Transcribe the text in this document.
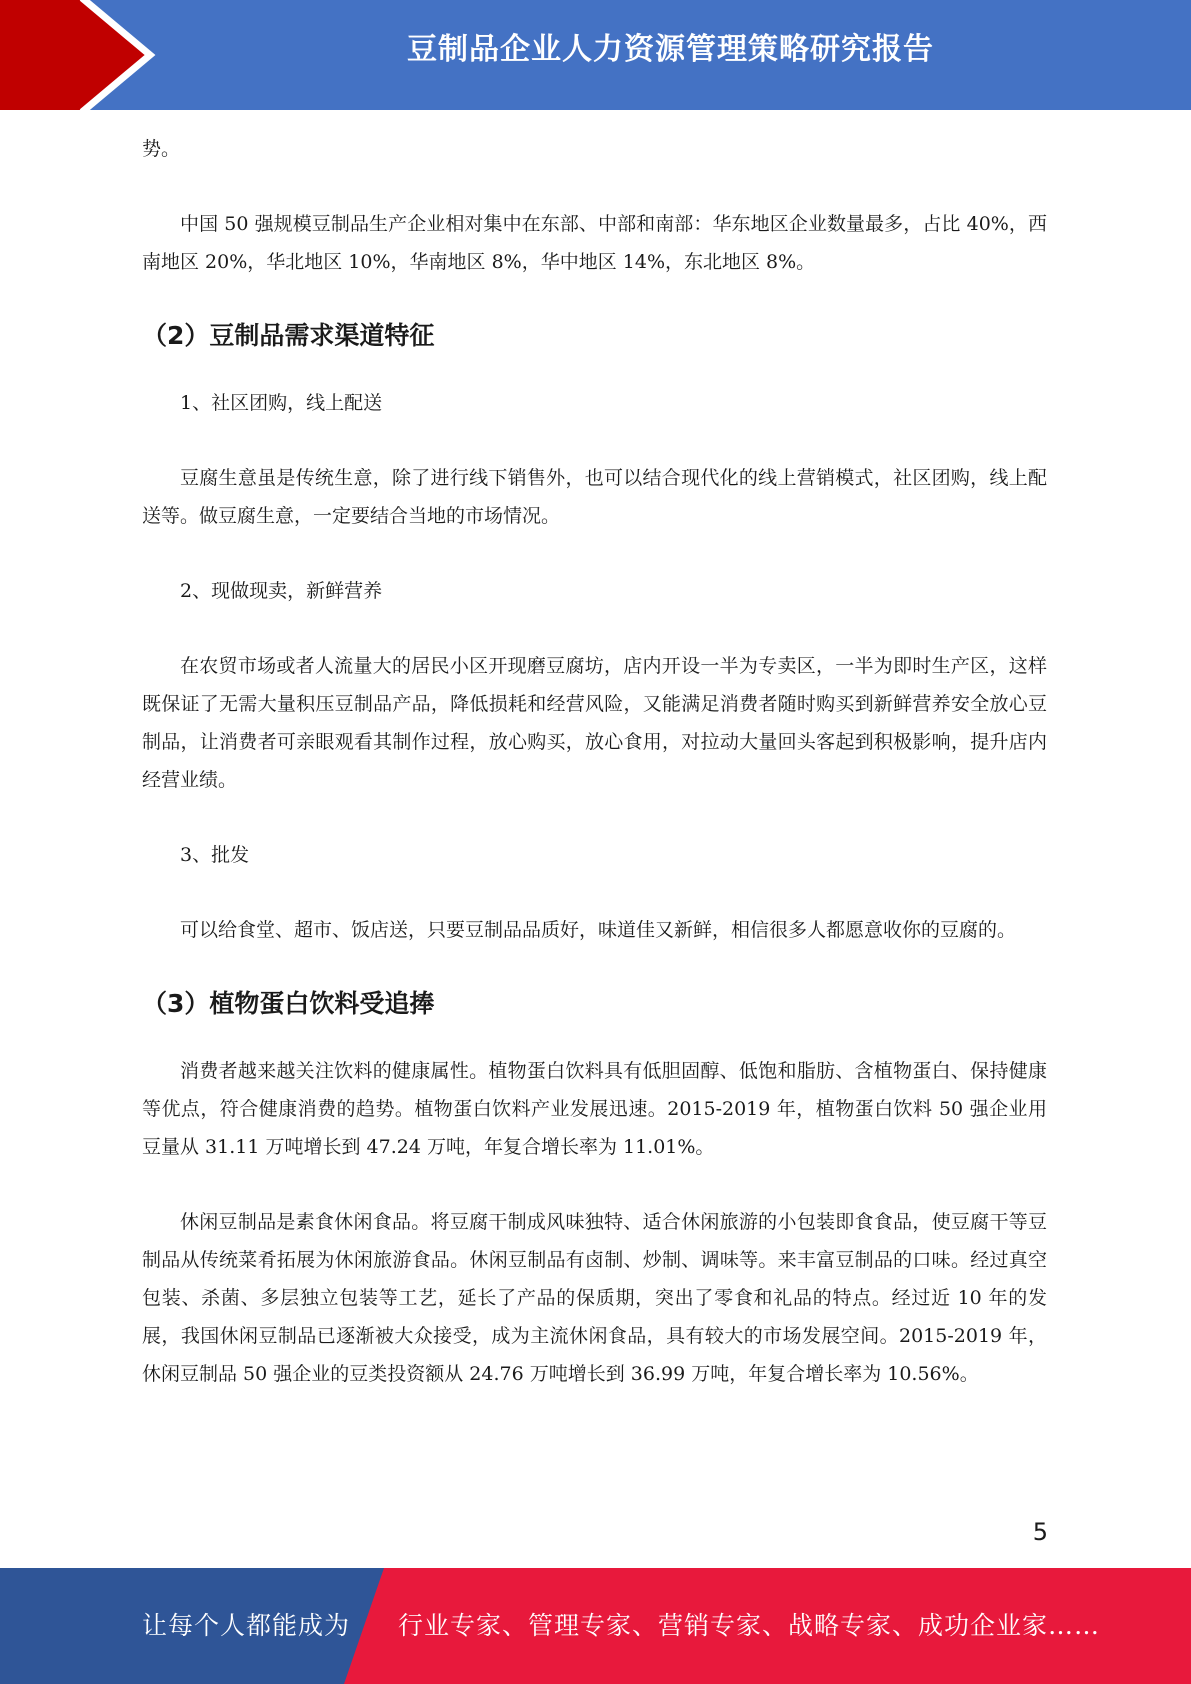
豆制品企业人力资源管理策略研究报告

势。

中国 50 强规模豆制品生产企业相对集中在东部、中部和南部：华东地区企业数量最多，占比 40%，西南地区 20%，华北地区 10%，华南地区 8%，华中地区 14%，东北地区 8%。

（2）豆制品需求渠道特征

1、社区团购，线上配送

豆腐生意虽是传统生意，除了进行线下销售外，也可以结合现代化的线上营销模式，社区团购，线上配送等。做豆腐生意，一定要结合当地的市场情况。

2、现做现卖，新鲜营养

在农贸市场或者人流量大的居民小区开现磨豆腐坊，店内开设一半为专卖区，一半为即时生产区，这样既保证了无需大量积压豆制品产品，降低损耗和经营风险，又能满足消费者随时购买到新鲜营养安全放心豆制品，让消费者可亲眼观看其制作过程，放心购买，放心食用，对拉动大量回头客起到积极影响，提升店内经营业绩。

3、批发

可以给食堂、超市、饭店送，只要豆制品品质好，味道佳又新鲜，相信很多人都愿意收你的豆腐的。

（3）植物蛋白饮料受追捧

消费者越来越关注饮料的健康属性。植物蛋白饮料具有低胆固醇、低饱和脂肪、含植物蛋白、保持健康等优点，符合健康消费的趋势。植物蛋白饮料产业发展迅速。2015-2019 年，植物蛋白饮料 50 强企业用豆量从 31.11 万吨增长到 47.24 万吨，年复合增长率为 11.01%。

休闲豆制品是素食休闲食品。将豆腐干制成风味独特、适合休闲旅游的小包装即食食品，使豆腐干等豆制品从传统菜肴拓展为休闲旅游食品。休闲豆制品有卤制、炒制、调味等。来丰富豆制品的口味。经过真空包装、杀菌、多层独立包装等工艺，延长了产品的保质期，突出了零食和礼品的特点。经过近 10 年的发展，我国休闲豆制品已逐渐被大众接受，成为主流休闲食品，具有较大的市场发展空间。2015-2019 年，休闲豆制品 50 强企业的豆类投资额从 24.76 万吨增长到 36.99 万吨，年复合增长率为 10.56%。

5
让每个人都能成为 行业专家、管理专家、营销专家、战略专家、成功企业家……
